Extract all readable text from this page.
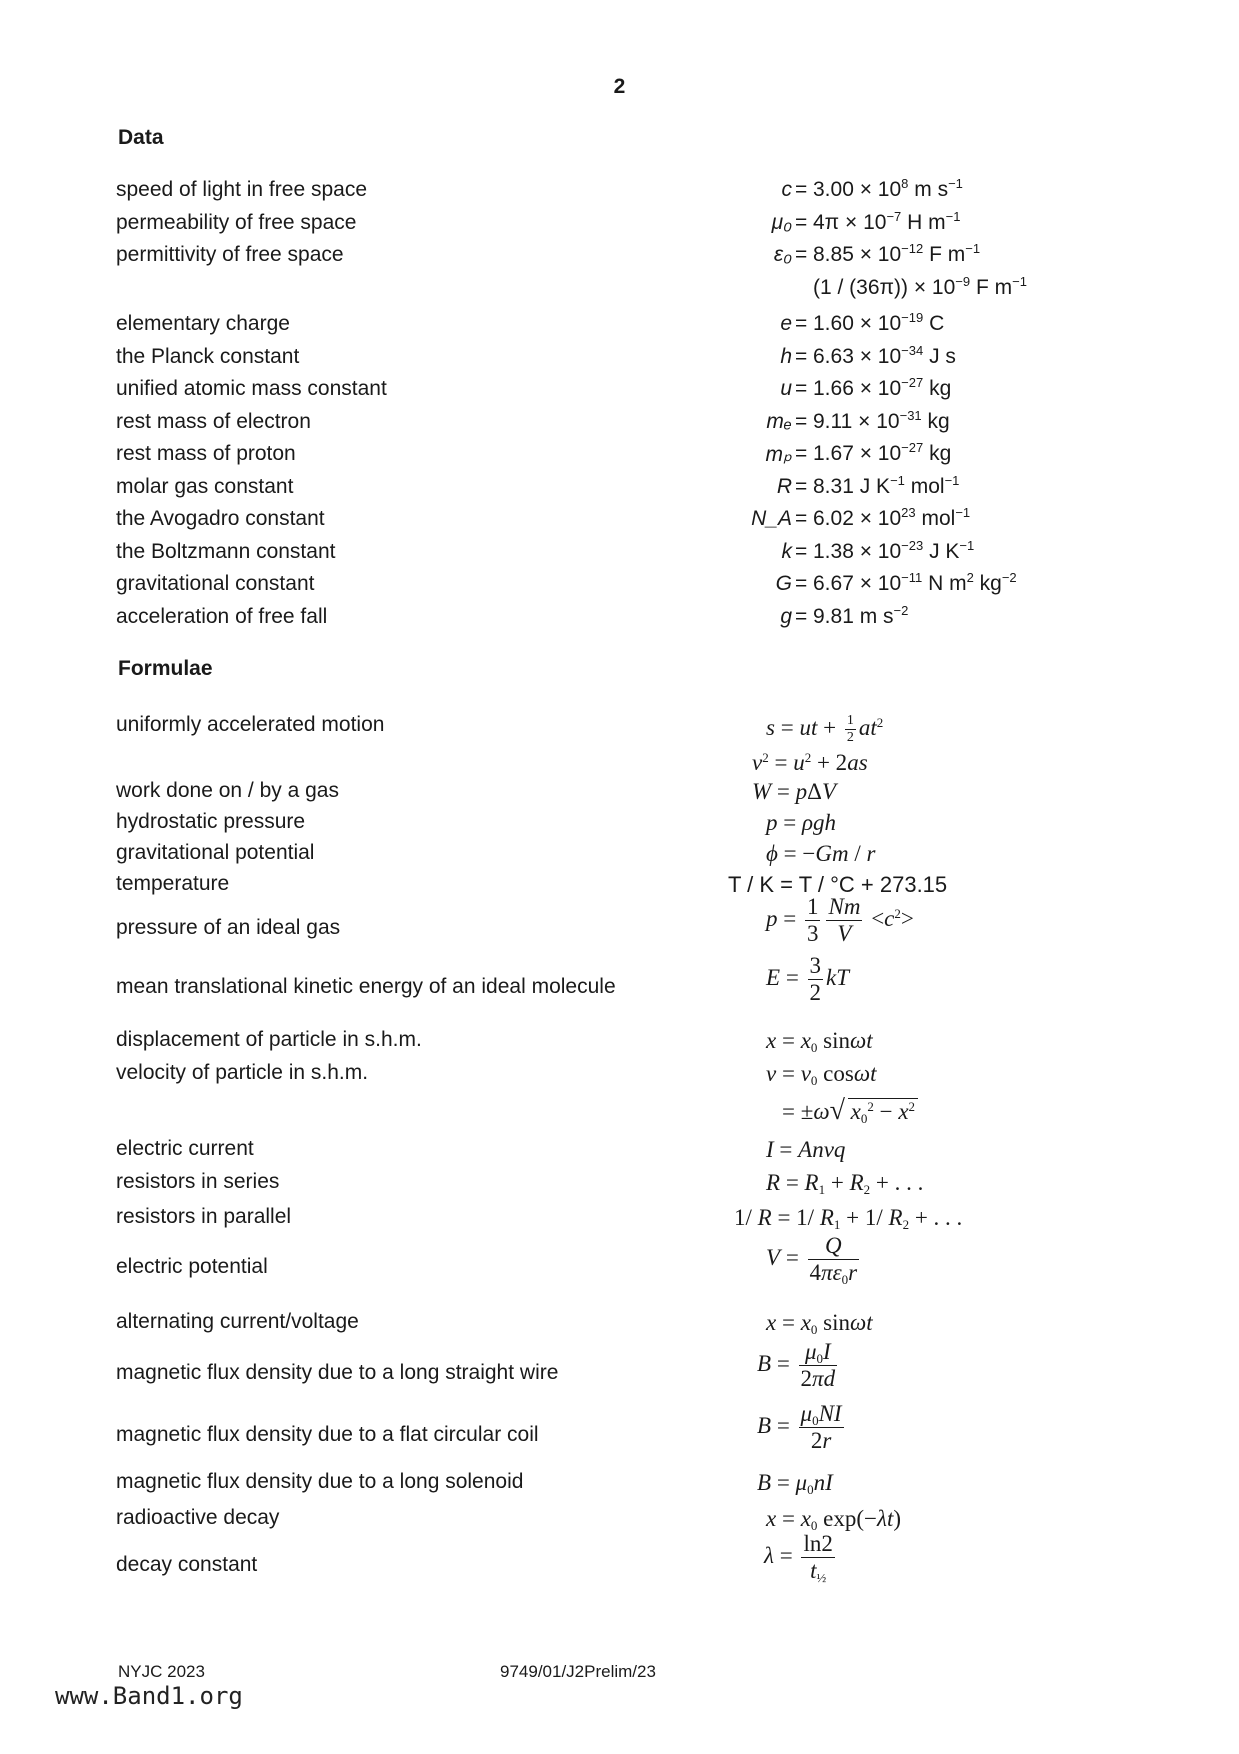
2
Data
speed of light in free space	$c = 3.00 \times 10^8$ m $s^{-1}$
permeability of free space	$\mu_0 = 4\pi \times 10^{-7}$ H $m^{-1}$
permittivity of free space	$\varepsilon_0 = 8.85 \times 10^{-12}$ F $m^{-1}$
$(1 / (36\pi)) \times 10^{-9}$ F $m^{-1}$
elementary charge	$e = 1.60 \times 10^{-19}$ C
the Planck constant	$h = 6.63 \times 10^{-34}$ J s
unified atomic mass constant	$u = 1.66 \times 10^{-27}$ kg
rest mass of electron	$m_e = 9.11 \times 10^{-31}$ kg
rest mass of proton	$m_p = 1.67 \times 10^{-27}$ kg
molar gas constant	R = 8.31 J $K^{-1}$ mol$^{-1}$
the Avogadro constant	N_A = $6.02 \times 10^{23}$ mol$^{-1}$
the Boltzmann constant	$k = 1.38 \times 10^{-23}$ J $K^{-1}$
gravitational constant	$G = 6.67 \times 10^{-11}$ N $m^2$ $kg^{-2}$
acceleration of free fall	g = 9.81 m $s^{-2}$
Formulae
uniformly accelerated motion	s = ut + $\frac{1}{2} at^2$
$v^2 = u^2 + 2as$
work done on / by a gas	W = pΔV
hydrostatic pressure	p = ρgh
gravitational potential	ϕ = −Gm / r
temperature	T / K = T / °C + 273.15
pressure of an ideal gas	$p = \frac{1}{3} \frac{Nm}{V} <c^2>$
mean translational kinetic energy of an ideal molecule	$E = \frac{3}{2}$ kT
displacement of particle in s.h.m.	$x = x_0$ sinωt
velocity of particle in s.h.m.	$v = v_0$ cosωt
= ±ω √ $x_0^2 - x^2$
electric current	I = Anvq
resistors in series	$R = R_1 + R_2$ + . . .
resistors in parallel	1/ R = 1/ $R_1 + 1/$ $R_2$ + . . .
electric potential	$V = \frac{Q}{4\pi\varepsilon_0r}$
alternating current/voltage	$x = x_0$ sinωt
magnetic flux density due to a long straight wire	$B = \frac{\mu_0I}{2\pi d}$
magnetic flux density due to a flat circular coil	$B = \frac{\mu_0NI}{2r}$
magnetic flux density due to a long solenoid	$B = \mu_0nI$
radioactive decay	$x = x_0$ exp(−λt)
decay constant	$\lambda = \frac{\ln 2}{t_{\frac{1}{2}}}$
NYJC 2023	9749/01/J2Prelim/23
www.Band1.org
